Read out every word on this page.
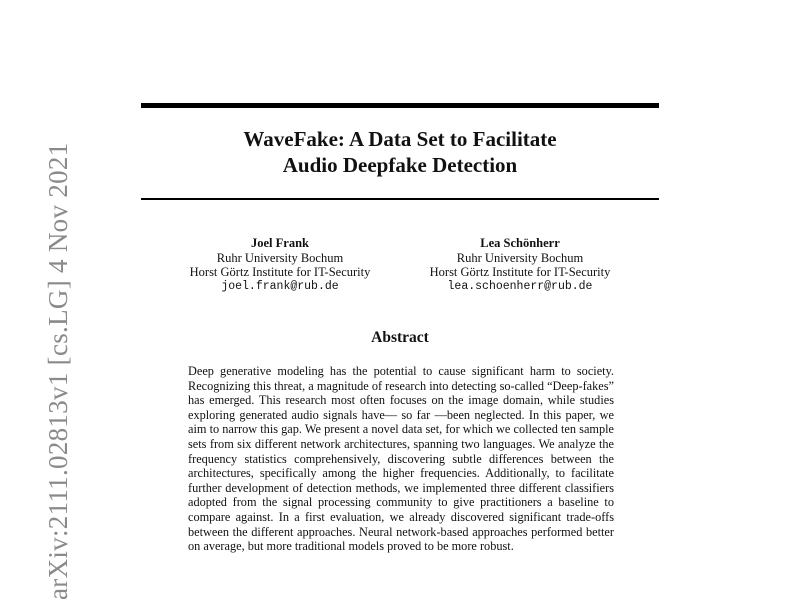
WaveFake: A Data Set to Facilitate
Audio Deepfake Detection
Joel Frank
Ruhr University Bochum
Horst Görtz Institute for IT-Security
joel.frank@rub.de
Lea Schönherr
Ruhr University Bochum
Horst Görtz Institute for IT-Security
lea.schoenherr@rub.de
Abstract
Deep generative modeling has the potential to cause significant harm to society. Recognizing this threat, a magnitude of research into detecting so-called “Deep-fakes” has emerged. This research most often focuses on the image domain, while studies exploring generated audio signals have— so far —been neglected. In this paper, we aim to narrow this gap. We present a novel data set, for which we collected ten sample sets from six different network architectures, spanning two languages. We analyze the frequency statistics comprehensively, discovering subtle differences between the architectures, specifically among the higher frequencies. Additionally, to facilitate further development of detection methods, we implemented three different classifiers adopted from the signal processing community to give practitioners a baseline to compare against. In a first evaluation, we already discovered significant trade-offs between the different approaches. Neural network-based approaches performed better on average, but more traditional models proved to be more robust.
arXiv:2111.02813v1 [cs.LG] 4 Nov 2021
